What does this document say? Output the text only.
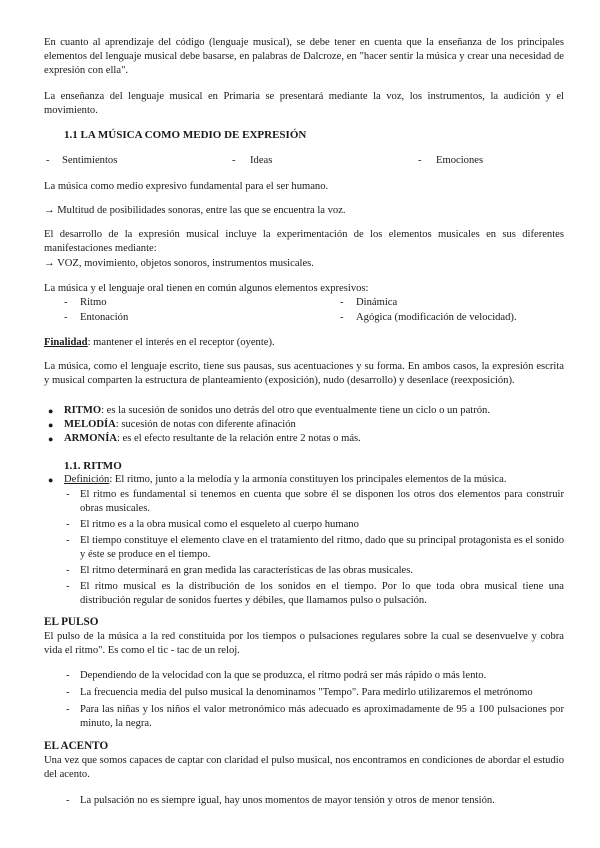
En cuanto al aprendizaje del código (lenguaje musical), se debe tener en cuenta que la enseñanza de los principales elementos del lenguaje musical debe basarse, en palabras de Dalcroze, en "hacer sentir la música y crear una necesidad de expresión con ella".

La enseñanza del lenguaje musical en Primaria se presentará mediante la voz, los instrumentos, la audición y el movimiento.

1.1 LA MÚSICA COMO MEDIO DE EXPRESIÓN

- Sentimientos	- Ideas	- Emociones

La música como medio expresivo fundamental para el ser humano.

→ Multitud de posibilidades sonoras, entre las que se encuentra la voz.

El desarrollo de la expresión musical incluye la experimentación de los elementos musicales en sus diferentes manifestaciones mediante:

→ VOZ, movimiento, objetos sonoros, instrumentos musicales.

La música y el lenguaje oral tienen en común algunos elementos expresivos:

- Ritmo	- Dinámica
- Entonación	- Agógica (modificación de velocidad).

Finalidad: mantener el interés en el receptor (oyente).

La música, como el lenguaje escrito, tiene sus pausas, sus acentuaciones y su forma. En ambos casos, la expresión escrita y musical comparten la estructura de planteamiento (exposición), nudo (desarrollo) y desenlace (reexposición).

● RITMO: es la sucesión de sonidos uno detrás del otro que eventualmente tiene un ciclo o un patrón.
● MELODÍA: sucesión de notas con diferente afinación
● ARMONÍA: es el efecto resultante de la relación entre 2 notas o más.

1.1. RITMO

● Definición: El ritmo, junto a la melodía y la armonía constituyen los principales elementos de la música.
- El ritmo es fundamental si tenemos en cuenta que sobre él se disponen los otros dos elementos para construir obras musicales.
- El ritmo es a la obra musical como el esqueleto al cuerpo humano
- El tiempo constituye el elemento clave en el tratamiento del ritmo, dado que su principal protagonista es el sonido y éste se produce en el tiempo.
- El ritmo determinará en gran medida las características de las obras musicales.
- El ritmo musical es la distribución de los sonidos en el tiempo. Por lo que toda obra musical tiene una distribución regular de sonidos fuertes y débiles, que llamamos pulso o pulsación.

EL PULSO

El pulso de la música a la red constituida por los tiempos o pulsaciones regulares sobre la cual se desenvuelve y cobra vida el ritmo". Es como el tic - tac de un reloj.

- Dependiendo de la velocidad con la que se produzca, el ritmo podrá ser más rápido o más lento.
- La frecuencia media del pulso musical la denominamos "Tempo". Para medirlo utilizaremos el metrónomo
- Para las niñas y los niños el valor metronómico más adecuado es aproximadamente de 95 a 100 pulsaciones por minuto, la negra.

EL ACENTO

Una vez que somos capaces de captar con claridad el pulso musical, nos encontramos en condiciones de abordar el estudio del acento.

- La pulsación no es siempre igual, hay unos momentos de mayor tensión y otros de menor tensión.
